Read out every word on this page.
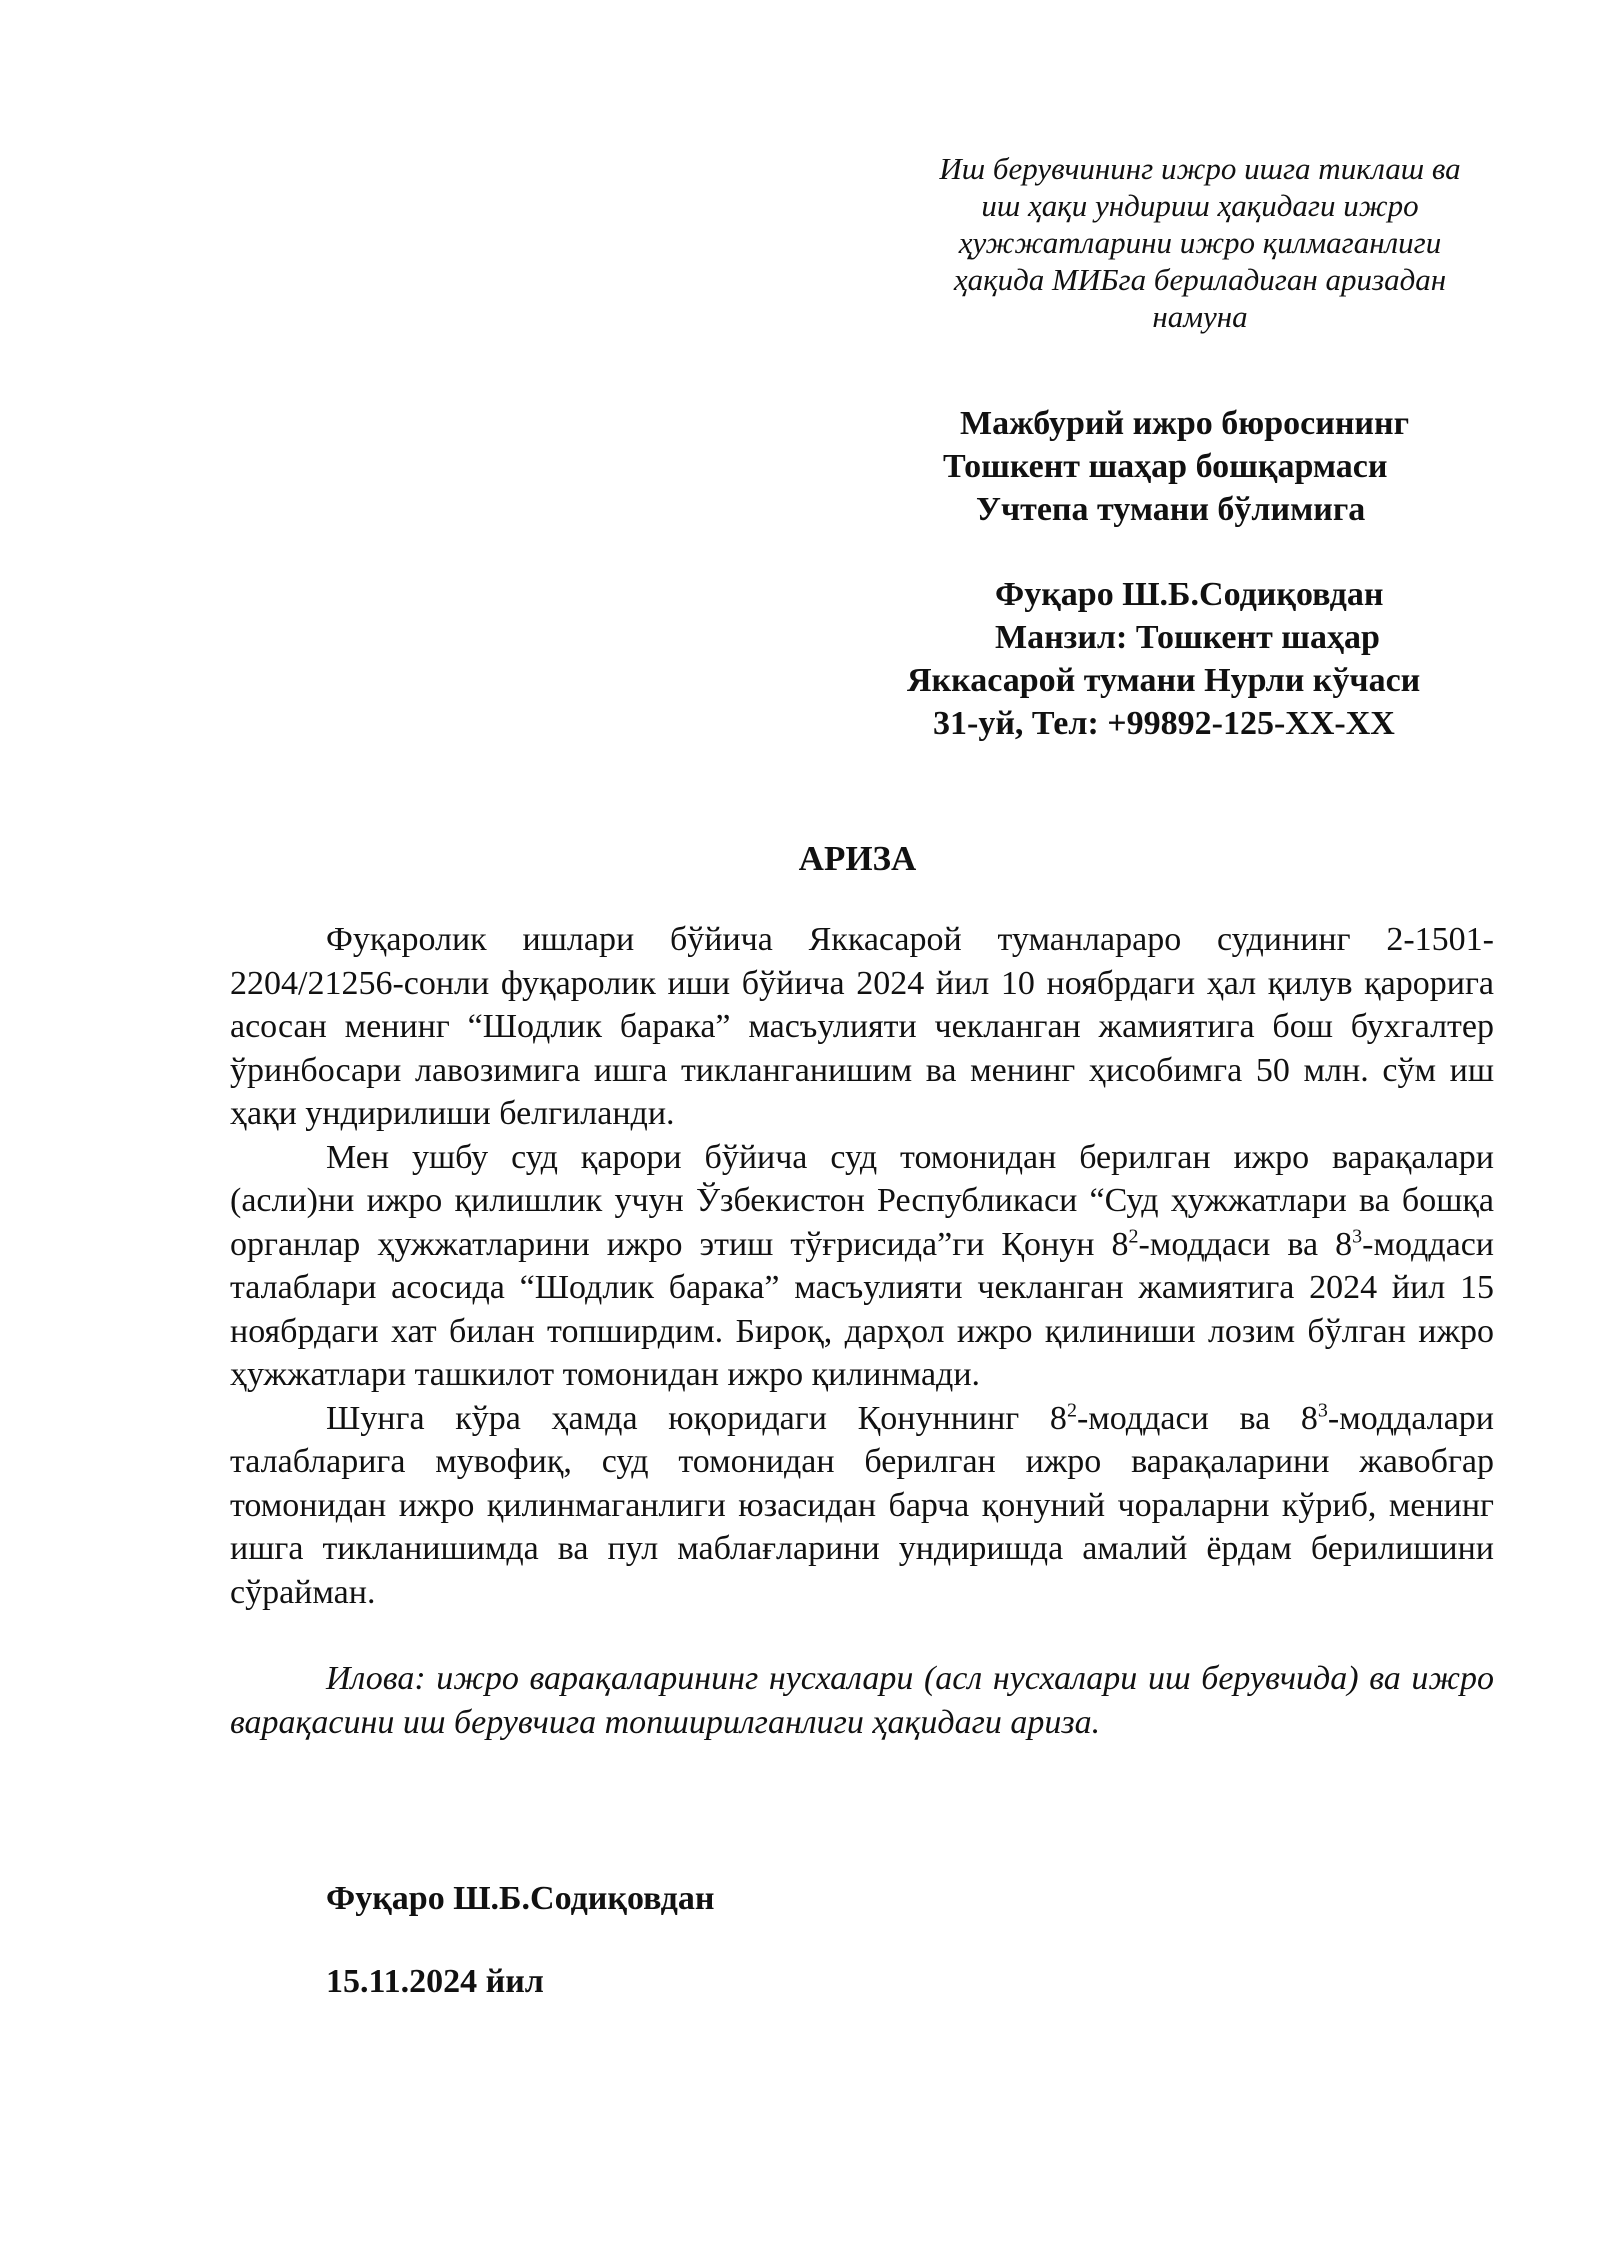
Иш берувчининг ижро ишга тиклаш ва
иш ҳақи ундириш ҳақидаги ижро
ҳужжатларини ижро қилмаганлиги
ҳақида МИБга бериладиган аризадан
намуна
Мажбурий ижро бюросининг
Тошкент шаҳар бошқармаси
Учтепа тумани бўлимига
Фуқаро Ш.Б.Содиқовдан
Манзил: Тошкент шаҳар
Яккасарой тумани Нурли кўчаси
31-уй, Тел: +99892-125-XX-XX
АРИЗА

Фуқаролик ишлари бўйича Яккасарой туманлараро судининг 2-1501-2204/21256-сонли фуқаролик иши бўйича 2024 йил 10 ноябрдаги ҳал қилув қарорига асосан менинг “Шодлик барака” масъулияти чекланган жамиятига бош бухгалтер ўринбосари лавозимига ишга тикланганишим ва менинг ҳисобимга 50 млн. сўм иш ҳақи ундирилиши белгиланди.

Мен ушбу суд қарори бўйича суд томонидан берилган ижро варақалари (асли)ни ижро қилишлик учун Ўзбекистон Республикаси “Суд ҳужжатлари ва бошқа органлар ҳужжатларини ижро этиш тўғрисида”ги Қонун $8^2$-моддаси ва $8^3$-моддаси талаблари асосида “Шодлик барака” масъулияти чекланган жамиятига 2024 йил 15 ноябрдаги хат билан топширдим. Бироқ, дарҳол ижро қилиниши лозим бўлган ижро ҳужжатлари ташкилот томонидан ижро қилинмади.

Шунга кўра ҳамда юқоридаги Қонуннинг $8^2$-моддаси ва $8^3$-моддалари талабларига мувофиқ, суд томонидан берилган ижро варақаларини жавобгар томонидан ижро қилинмаганлиги юзасидан барча қонуний чораларни кўриб, менинг ишга тикланишимда ва пул маблағларини ундиришда амалий ёрдам берилишини сўрайман.

Илова: ижро варақаларининг нусхалари (асл нусхалари иш берувчида) ва ижро варақасини иш берувчига топширилганлиги ҳақидаги ариза.

Фуқаро Ш.Б.Содиқовдан
15.11.2024 йил
